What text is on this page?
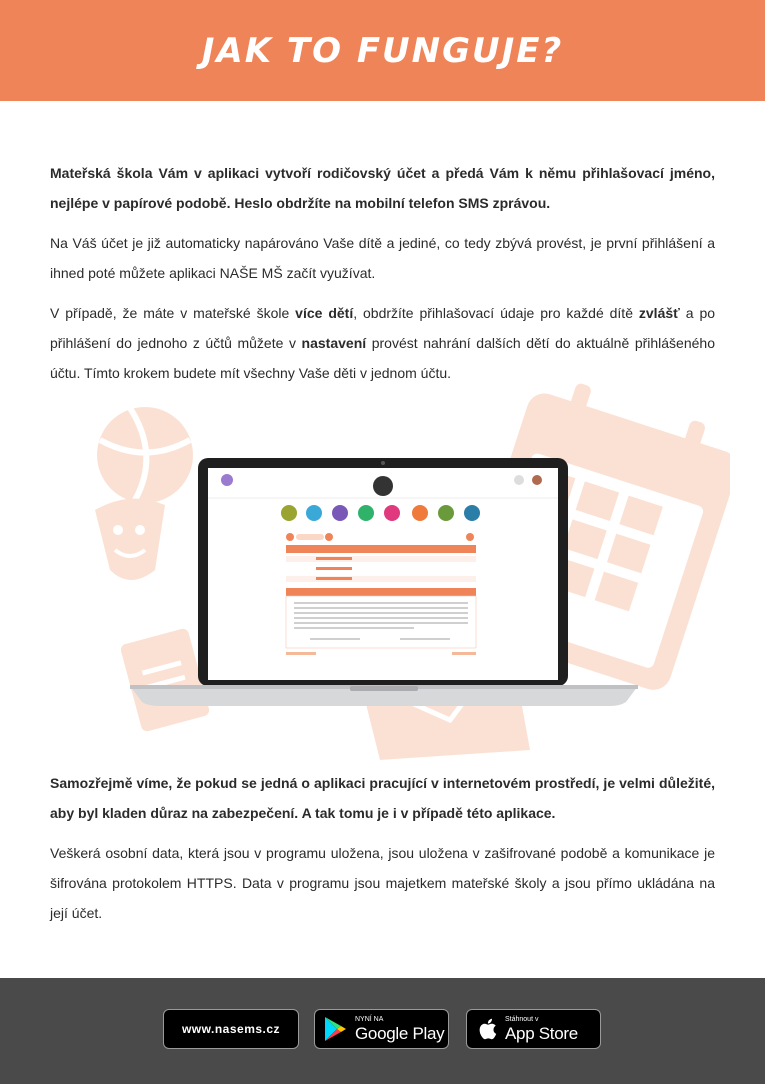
JAK TO FUNGUJE?

Mateřská škola Vám v aplikaci vytvoří rodičovský účet a předá Vám k němu přihlašovací jméno, nejlépe v papírové podobě. Heslo obdržíte na mobilní telefon SMS zprávou.

Na Váš účet je již automaticky napárováno Vaše dítě a jediné, co tedy zbývá provést, je první přihlášení a ihned poté můžete aplikaci NAŠE MŠ začít využívat.

V případě, že máte v mateřské škole více dětí, obdržíte přihlašovací údaje pro každé dítě zvlášť a po přihlášení do jednoho z účtů můžete v nastavení provést nahrání dalších dětí do aktuálně přihlášeného účtu. Tímto krokem budete mít všechny Vaše děti v jednom účtu.

Samozřejmě víme, že pokud se jedná o aplikaci pracující v internetovém prostředí, je velmi důležité, aby byl kladen důraz na zabezpečení. A tak tomu je i v případě této aplikace.

Veškerá osobní data, která jsou v programu uložena, jsou uložena v zašifrované podobě a komunikace je šifrována protokolem HTTPS. Data v programu jsou majetkem mateřské školy a jsou přímo ukládána na její účet.

www.nasems.cz
NYNÍ NA
Google Play
Stáhnout v
App Store
